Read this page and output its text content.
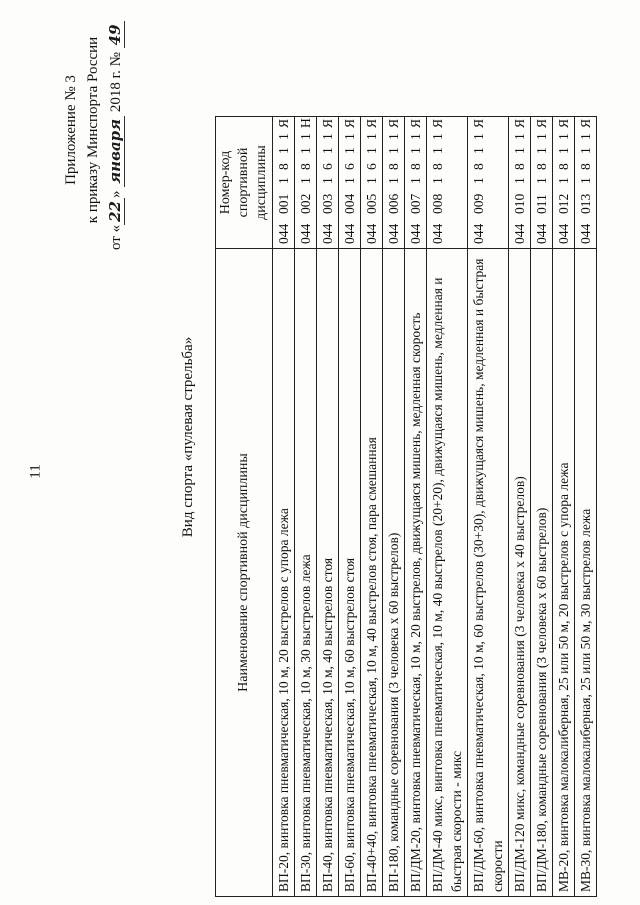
11
Приложение № 3 к приказу Минспорта России
от «22» января 2018 г. № 49
Вид спорта «пулевая стрельба»
Наименование спортивной дисциплины	Номер-код спортивной дисциплины
ВП-20, винтовка пневматическая, 10 м, 20 выстрелов с упора лежа	0440011811Я
ВП-30, винтовка пневматическая, 10 м, 30 выстрелов лежа	0440021811Н
ВП-40, винтовка пневматическая, 10 м, 40 выстрелов стоя	0440031611Я
ВП-60, винтовка пневматическая, 10 м, 60 выстрелов стоя	0440041611Я
ВП-40+40, винтовка пневматическая, 10 м, 40 выстрелов стоя, пара смешанная	0440051611Я
ВП-180, командные соревнования (3 человека х 60 выстрелов)	0440061811Я
ВП/ДМ-20, винтовка пневматическая, 10 м, 20 выстрелов, движущаяся мишень, медленная скорость	0440071811Я
ВП/ДМ-40 микс, винтовка пневматическая, 10 м, 40 выстрелов (20+20), движущаяся мишень, медленная и быстрая скорости - микс	0440081811Я
ВП/ДМ-60, винтовка пневматическая, 10 м, 60 выстрелов (30+30), движущаяся мишень, медленная и быстрая скорости	0440091811Я
ВП/ДМ-120 микс, командные соревнования (3 человека х 40 выстрелов)	0440101811Я
ВП/ДМ-180, командные соревнования (3 человека х 60 выстрелов)	0440111811Я
МВ-20, винтовка малокалиберная, 25 или 50 м, 20 выстрелов с упора лежа	0440121811Я
МВ-30, винтовка малокалиберная, 25 или 50 м, 30 выстрелов лежа	0440131811Я
